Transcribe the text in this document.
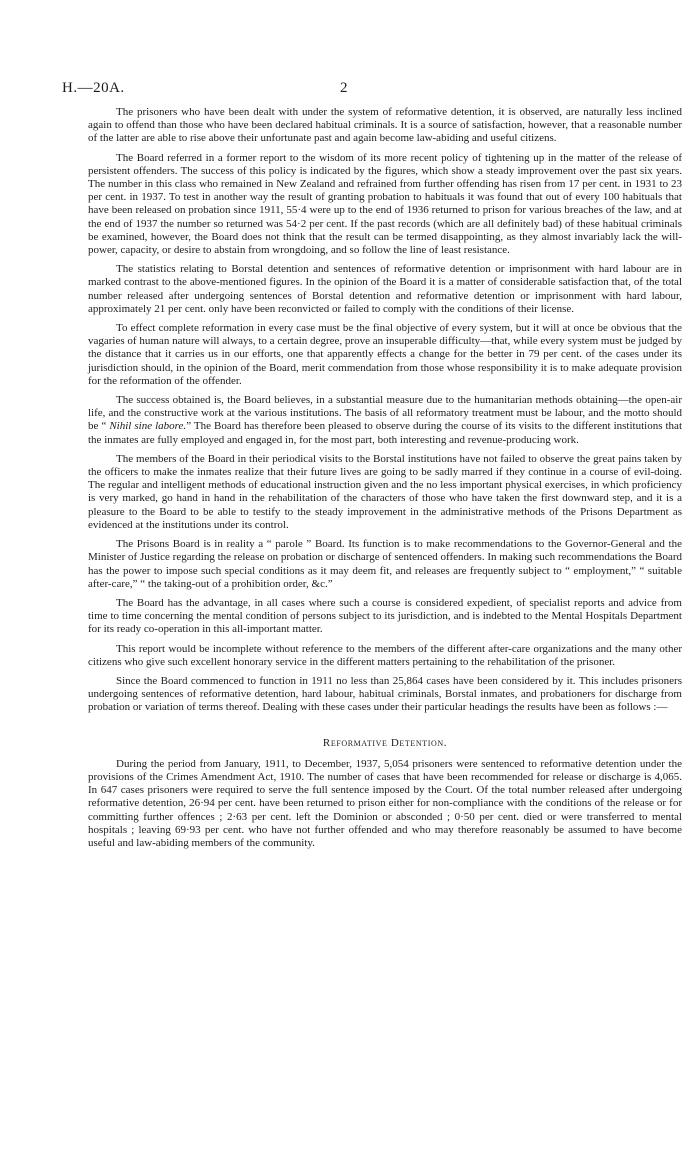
H.—20A.	2

The prisoners who have been dealt with under the system of reformative detention, it is observed, are naturally less inclined again to offend than those who have been declared habitual criminals. It is a source of satisfaction, however, that a reasonable number of the latter are able to rise above their unfortunate past and again become law-abiding and useful citizens.

The Board referred in a former report to the wisdom of its more recent policy of tightening up in the matter of the release of persistent offenders. The success of this policy is indicated by the figures, which show a steady improvement over the past six years. The number in this class who remained in New Zealand and refrained from further offending has risen from 17 per cent. in 1931 to 23 per cent. in 1937. To test in another way the result of granting probation to habituals it was found that out of every 100 habituals that have been released on probation since 1911, 55·4 were up to the end of 1936 returned to prison for various breaches of the law, and at the end of 1937 the number so returned was 54·2 per cent. If the past records (which are all definitely bad) of these habitual criminals be examined, however, the Board does not think that the result can be termed disappointing, as they almost invariably lack the will-power, capacity, or desire to abstain from wrongdoing, and so follow the line of least resistance.

The statistics relating to Borstal detention and sentences of reformative detention or imprisonment with hard labour are in marked contrast to the above-mentioned figures. In the opinion of the Board it is a matter of considerable satisfaction that, of the total number released after undergoing sentences of Borstal detention and reformative detention or imprisonment with hard labour, approximately 21 per cent. only have been reconvicted or failed to comply with the conditions of their license.

To effect complete reformation in every case must be the final objective of every system, but it will at once be obvious that the vagaries of human nature will always, to a certain degree, prove an insuperable difficulty—that, while every system must be judged by the distance that it carries us in our efforts, one that apparently effects a change for the better in 79 per cent. of the cases under its jurisdiction should, in the opinion of the Board, merit commendation from those whose responsibility it is to make adequate provision for the reformation of the offender.

The success obtained is, the Board believes, in a substantial measure due to the humanitarian methods obtaining—the open-air life, and the constructive work at the various institutions. The basis of all reformatory treatment must be labour, and the motto should be “ Nihil sine labore.” The Board has therefore been pleased to observe during the course of its visits to the different institutions that the inmates are fully employed and engaged in, for the most part, both interesting and revenue-producing work.

The members of the Board in their periodical visits to the Borstal institutions have not failed to observe the great pains taken by the officers to make the inmates realize that their future lives are going to be sadly marred if they continue in a course of evil-doing. The regular and intelligent methods of educational instruction given and the no less important physical exercises, in which proficiency is very marked, go hand in hand in the rehabilitation of the characters of those who have taken the first downward step, and it is a pleasure to the Board to be able to testify to the steady improvement in the administrative methods of the Prisons Department as evidenced at the institutions under its control.

The Prisons Board is in reality a “ parole ” Board. Its function is to make recommendations to the Governor-General and the Minister of Justice regarding the release on probation or discharge of sentenced offenders. In making such recommendations the Board has the power to impose such special conditions as it may deem fit, and releases are frequently subject to “ employment,” “ suitable after-care,” “ the taking-out of a prohibition order, &c.”

The Board has the advantage, in all cases where such a course is considered expedient, of specialist reports and advice from time to time concerning the mental condition of persons subject to its jurisdiction, and is indebted to the Mental Hospitals Department for its ready co-operation in this all-important matter.

This report would be incomplete without reference to the members of the different after-care organizations and the many other citizens who give such excellent honorary service in the different matters pertaining to the rehabilitation of the prisoner.

Since the Board commenced to function in 1911 no less than 25,864 cases have been considered by it. This includes prisoners undergoing sentences of reformative detention, hard labour, habitual criminals, Borstal inmates, and probationers for discharge from probation or variation of terms thereof. Dealing with these cases under their particular headings the results have been as follows :—

Reformative Detention.

During the period from January, 1911, to December, 1937, 5,054 prisoners were sentenced to reformative detention under the provisions of the Crimes Amendment Act, 1910. The number of cases that have been recommended for release or discharge is 4,065. In 647 cases prisoners were required to serve the full sentence imposed by the Court. Of the total number released after undergoing reformative detention, 26·94 per cent. have been returned to prison either for non-compliance with the conditions of the release or for committing further offences ; 2·63 per cent. left the Dominion or absconded ; 0·50 per cent. died or were transferred to mental hospitals ; leaving 69·93 per cent. who have not further offended and who may therefore reasonably be assumed to have become useful and law-abiding members of the community.
